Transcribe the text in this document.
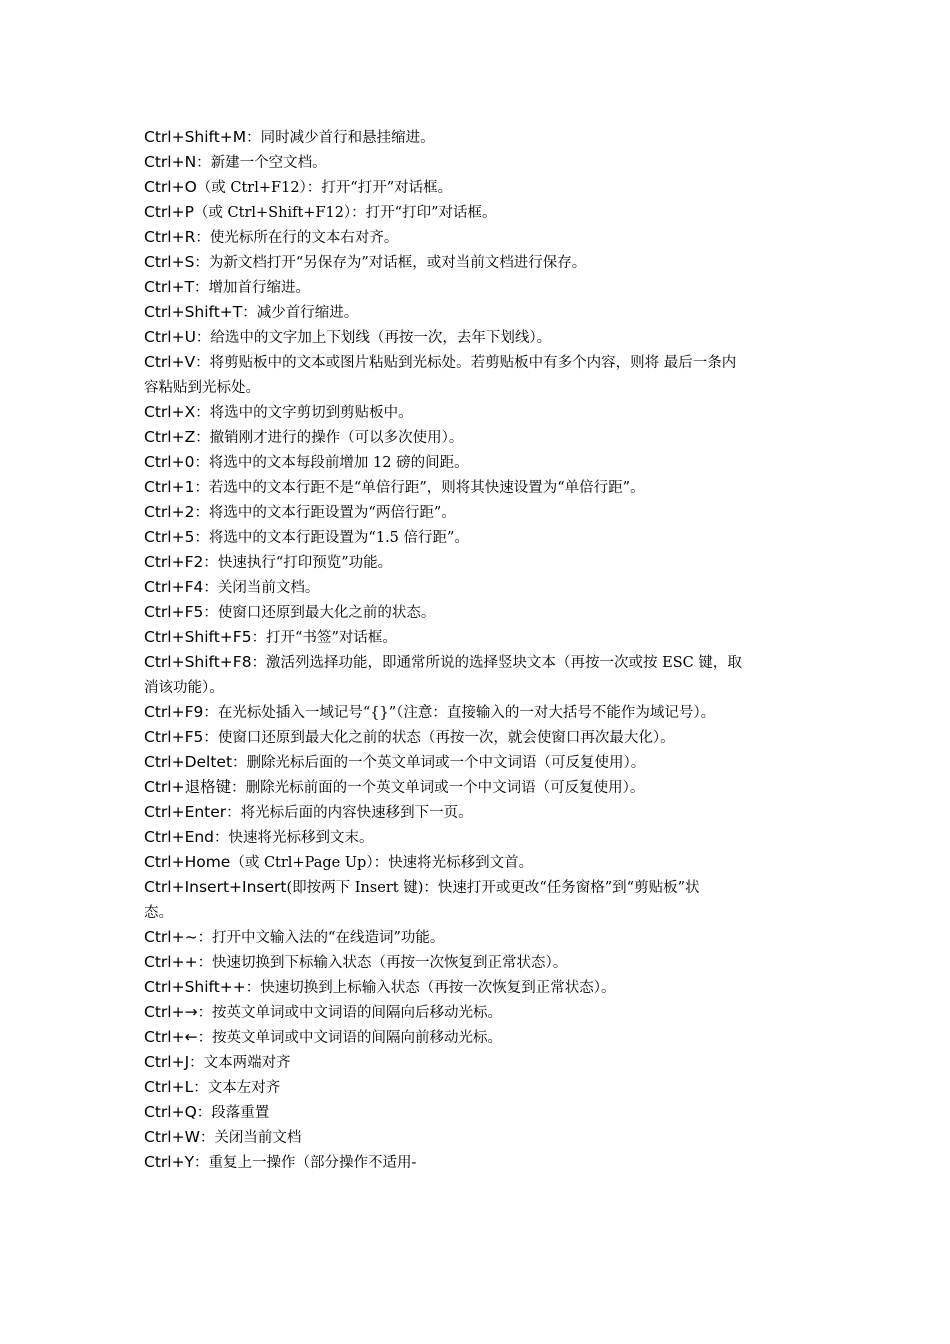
Ctrl+Shift+M：同时减少首行和悬挂缩进。
Ctrl+N：新建一个空文档。
Ctrl+O（或 Ctrl+F12）：打开“打开”对话框。
Ctrl+P（或 Ctrl+Shift+F12）：打开“打印”对话框。
Ctrl+R：使光标所在行的文本右对齐。
Ctrl+S：为新文档打开“另保存为”对话框，或对当前文档进行保存。
Ctrl+T：增加首行缩进。
Ctrl+Shift+T：减少首行缩进。
Ctrl+U：给选中的文字加上下划线（再按一次，去年下划线）。
Ctrl+V：将剪贴板中的文本或图片粘贴到光标处。若剪贴板中有多个内容，则将 最后一条内
容粘贴到光标处。
Ctrl+X：将选中的文字剪切到剪贴板中。
Ctrl+Z：撤销刚才进行的操作（可以多次使用）。
Ctrl+0：将选中的文本每段前增加 12 磅的间距。
Ctrl+1：若选中的文本行距不是“单倍行距”，则将其快速设置为“单倍行距”。
Ctrl+2：将选中的文本行距设置为“两倍行距”。
Ctrl+5：将选中的文本行距设置为“1.5 倍行距”。
Ctrl+F2：快速执行“打印预览”功能。
Ctrl+F4：关闭当前文档。
Ctrl+F5：使窗口还原到最大化之前的状态。
Ctrl+Shift+F5：打开“书签”对话框。
Ctrl+Shift+F8：激活列选择功能，即通常所说的选择竖块文本（再按一次或按 ESC 键，取
消该功能）。
Ctrl+F9：在光标处插入一域记号“{}”（注意：直接输入的一对大括号不能作为域记号）。
Ctrl+F5：使窗口还原到最大化之前的状态（再按一次，就会使窗口再次最大化）。
Ctrl+Deltet：删除光标后面的一个英文单词或一个中文词语（可反复使用）。
Ctrl+退格键：删除光标前面的一个英文单词或一个中文词语（可反复使用）。
Ctrl+Enter：将光标后面的内容快速移到下一页。
Ctrl+End：快速将光标移到文末。
Ctrl+Home（或 Ctrl+Page Up）：快速将光标移到文首。
Ctrl+Insert+Insert(即按两下 Insert 键)：快速打开或更改“任务窗格”到“剪贴板”状
态。
Ctrl+~：打开中文输入法的“在线造词”功能。
Ctrl++：快速切换到下标输入状态（再按一次恢复到正常状态）。
Ctrl+Shift++：快速切换到上标输入状态（再按一次恢复到正常状态）。
Ctrl+→：按英文单词或中文词语的间隔向后移动光标。
Ctrl+←：按英文单词或中文词语的间隔向前移动光标。
Ctrl+J：文本两端对齐
Ctrl+L：文本左对齐
Ctrl+Q：段落重置
Ctrl+W：关闭当前文档
Ctrl+Y：重复上一操作（部分操作不适用-
